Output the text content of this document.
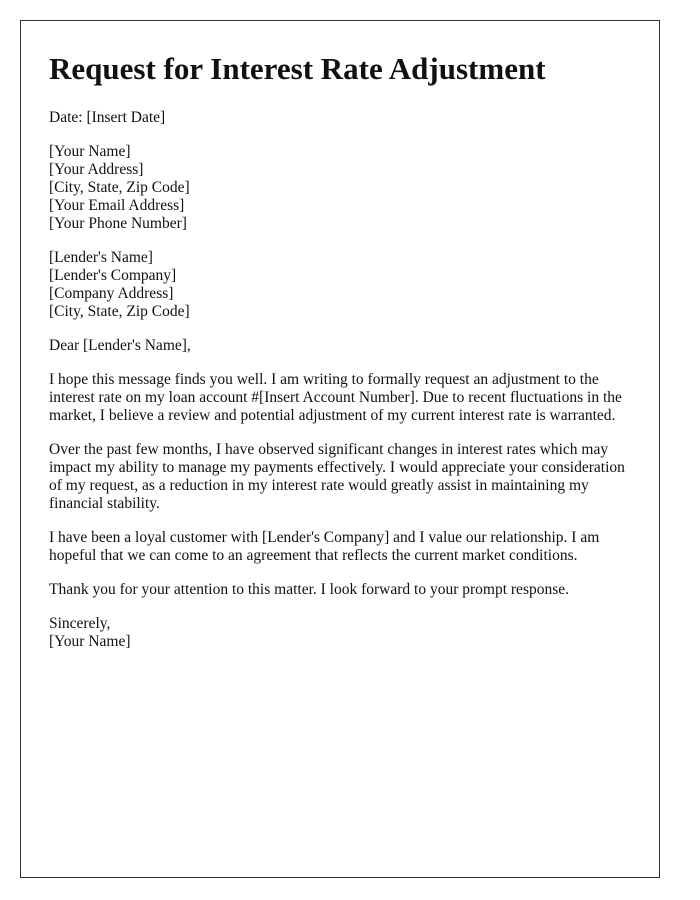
Request for Interest Rate Adjustment

Date: [Insert Date]

[Your Name]
[Your Address]
[City, State, Zip Code]
[Your Email Address]
[Your Phone Number]
[Lender's Name]
[Lender's Company]
[Company Address]
[City, State, Zip Code]

Dear [Lender's Name],

I hope this message finds you well. I am writing to formally request an adjustment to the interest rate on my loan account #[Insert Account Number]. Due to recent fluctuations in the market, I believe a review and potential adjustment of my current interest rate is warranted.

Over the past few months, I have observed significant changes in interest rates which may impact my ability to manage my payments effectively. I would appreciate your consideration of my request, as a reduction in my interest rate would greatly assist in maintaining my financial stability.

I have been a loyal customer with [Lender's Company] and I value our relationship. I am hopeful that we can come to an agreement that reflects the current market conditions.

Thank you for your attention to this matter. I look forward to your prompt response.

Sincerely,
[Your Name]
